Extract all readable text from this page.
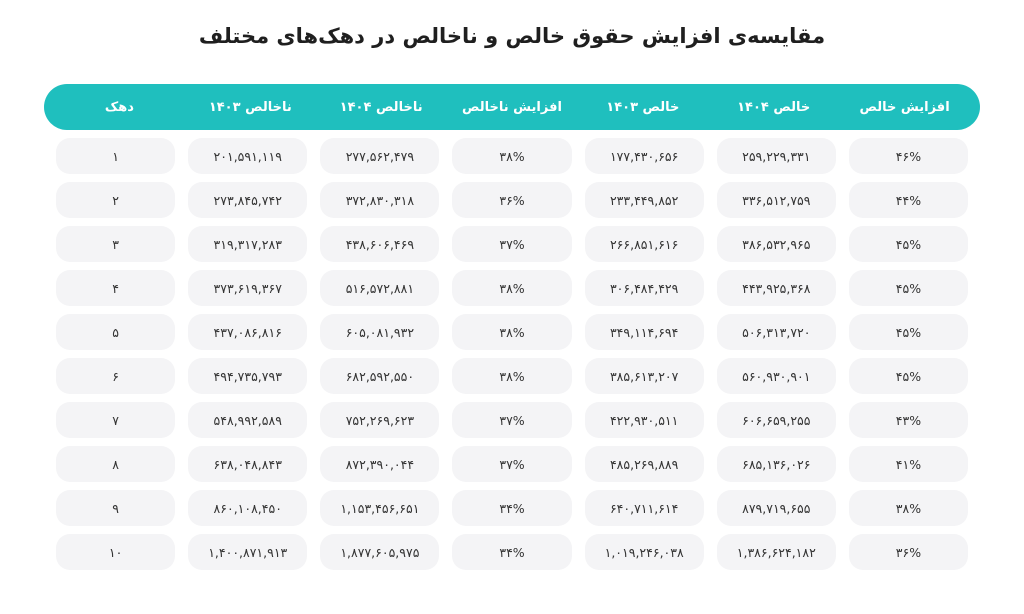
مقایسه‌ی افزایش حقوق خالص و ناخالص در دهک‌های مختلف
افزایش خالص
خالص ۱۴۰۴
خالص ۱۴۰۳
افزایش ناخالص
ناخالص ۱۴۰۴
ناخالص ۱۴۰۳
دهک
۴۶%
۲۵۹,۲۲۹,۳۳۱
۱۷۷,۴۳۰,۶۵۶
۳۸%
۲۷۷,۵۶۲,۴۷۹
۲۰۱,۵۹۱,۱۱۹
۱
۴۴%
۳۳۶,۵۱۲,۷۵۹
۲۳۳,۴۴۹,۸۵۲
۳۶%
۳۷۲,۸۳۰,۳۱۸
۲۷۳,۸۴۵,۷۴۲
۲
۴۵%
۳۸۶,۵۳۲,۹۶۵
۲۶۶,۸۵۱,۶۱۶
۳۷%
۴۳۸,۶۰۶,۴۶۹
۳۱۹,۳۱۷,۲۸۳
۳
۴۵%
۴۴۳,۹۲۵,۳۶۸
۳۰۶,۴۸۴,۴۲۹
۳۸%
۵۱۶,۵۷۲,۸۸۱
۳۷۳,۶۱۹,۳۶۷
۴
۴۵%
۵۰۶,۳۱۳,۷۲۰
۳۴۹,۱۱۴,۶۹۴
۳۸%
۶۰۵,۰۸۱,۹۳۲
۴۳۷,۰۸۶,۸۱۶
۵
۴۵%
۵۶۰,۹۳۰,۹۰۱
۳۸۵,۶۱۳,۲۰۷
۳۸%
۶۸۲,۵۹۲,۵۵۰
۴۹۴,۷۳۵,۷۹۳
۶
۴۳%
۶۰۶,۶۵۹,۲۵۵
۴۲۲,۹۳۰,۵۱۱
۳۷%
۷۵۲,۲۶۹,۶۲۳
۵۴۸,۹۹۲,۵۸۹
۷
۴۱%
۶۸۵,۱۳۶,۰۲۶
۴۸۵,۲۶۹,۸۸۹
۳۷%
۸۷۲,۳۹۰,۰۴۴
۶۳۸,۰۴۸,۸۴۳
۸
۳۸%
۸۷۹,۷۱۹,۶۵۵
۶۴۰,۷۱۱,۶۱۴
۳۴%
۱,۱۵۳,۴۵۶,۶۵۱
۸۶۰,۱۰۸,۴۵۰
۹
۳۶%
۱,۳۸۶,۶۲۴,۱۸۲
۱,۰۱۹,۲۴۶,۰۳۸
۳۴%
۱,۸۷۷,۶۰۵,۹۷۵
۱,۴۰۰,۸۷۱,۹۱۳
۱۰
